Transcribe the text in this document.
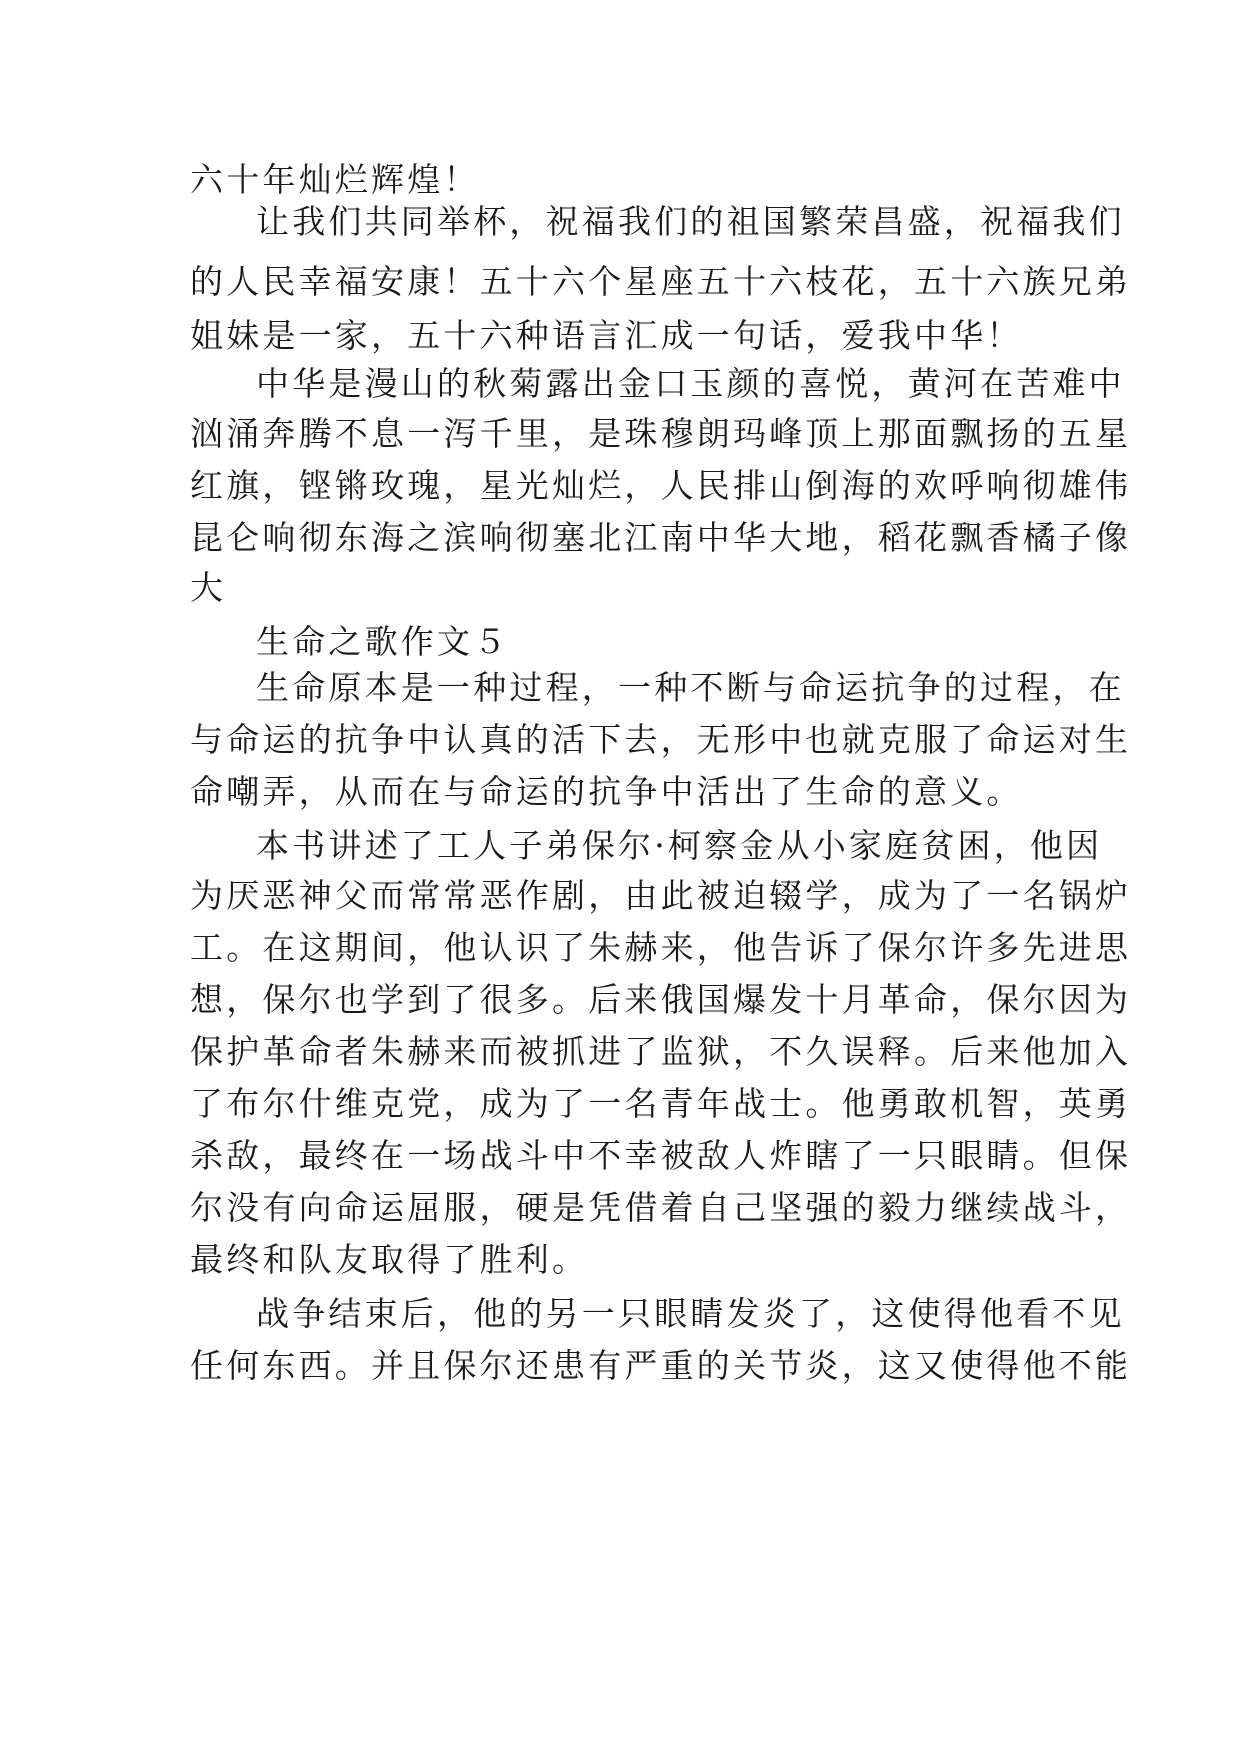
六十年灿烂辉煌！
让我们共同举杯，祝福我们的祖国繁荣昌盛，祝福我们
的人民幸福安康！五十六个星座五十六枝花，五十六族兄弟
姐妹是一家，五十六种语言汇成一句话，爱我中华！
中华是漫山的秋菊露出金口玉颜的喜悦，黄河在苦难中
汹涌奔腾不息一泻千里，是珠穆朗玛峰顶上那面飘扬的五星
红旗，铿锵玫瑰，星光灿烂，人民排山倒海的欢呼响彻雄伟
昆仑响彻东海之滨响彻塞北江南中华大地，稻花飘香橘子像
大
生命之歌作文５
生命原本是一种过程，一种不断与命运抗争的过程，在
与命运的抗争中认真的活下去，无形中也就克服了命运对生
命嘲弄，从而在与命运的抗争中活出了生命的意义。
本书讲述了工人子弟保尔·柯察金从小家庭贫困，他因
为厌恶神父而常常恶作剧，由此被迫辍学，成为了一名锅炉
工。在这期间，他认识了朱赫来，他告诉了保尔许多先进思
想，保尔也学到了很多。后来俄国爆发十月革命，保尔因为
保护革命者朱赫来而被抓进了监狱，不久误释。后来他加入
了布尔什维克党，成为了一名青年战士。他勇敢机智，英勇
杀敌，最终在一场战斗中不幸被敌人炸瞎了一只眼睛。但保
尔没有向命运屈服，硬是凭借着自己坚强的毅力继续战斗，
最终和队友取得了胜利。
战争结束后，他的另一只眼睛发炎了，这使得他看不见
任何东西。并且保尔还患有严重的关节炎，这又使得他不能
